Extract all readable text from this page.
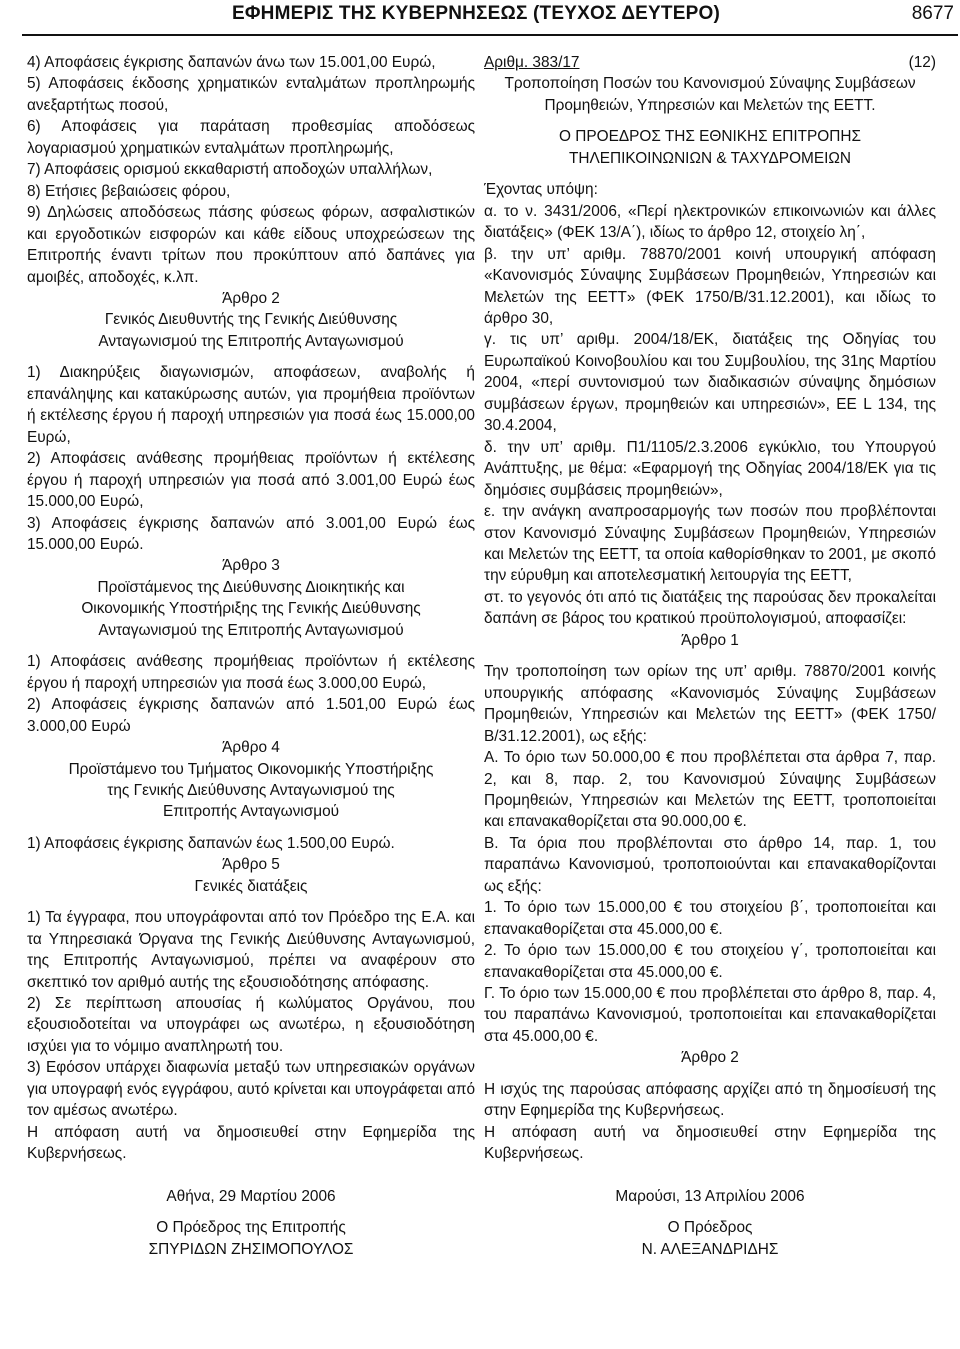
ΕΦΗΜΕΡΙΣ ΤΗΣ ΚΥΒΕΡΝΗΣΕΩΣ (ΤΕΥΧΟΣ ΔΕΥΤΕΡΟ)	8677

4) Αποφάσεις έγκρισης δαπανών άνω των 15.001,00 Ευρώ,

5) Αποφάσεις έκδοσης χρηματικών ενταλμάτων προπληρωμής ανεξαρτήτως ποσού,

6) Αποφάσεις για παράταση προθεσμίας αποδόσεως λογαριασμού χρηματικών ενταλμάτων προπληρωμής,

7) Αποφάσεις ορισμού εκκαθαριστή αποδοχών υπαλλήλων,

8) Ετήσιες βεβαιώσεις φόρου,

9) Δηλώσεις αποδόσεως πάσης φύσεως φόρων, ασφαλιστικών και εργοδοτικών εισφορών και κάθε είδους υποχρεώσεων της Επιτροπής έναντι τρίτων που προκύπτουν από δαπάνες για αμοιβές, αποδοχές, κ.λπ.

Άρθρο 2

Γενικός Διευθυντής της Γενικής Διεύθυνσης

Ανταγωνισμού της Επιτροπής Ανταγωνισμού

1) Διακηρύξεις διαγωνισμών, αποφάσεων, αναβολής ή επανάληψης και κατακύρωσης αυτών, για προμήθεια προϊόντων ή εκτέλεσης έργου ή παροχή υπηρεσιών για ποσά έως 15.000,00 Ευρώ,

2) Αποφάσεις ανάθεσης προμήθειας προϊόντων ή εκτέλεσης έργου ή παροχή υπηρεσιών για ποσά από 3.001,00 Ευρώ έως 15.000,00 Ευρώ,

3) Αποφάσεις έγκρισης δαπανών από 3.001,00 Ευρώ έως 15.000,00 Ευρώ.

Άρθρο 3

Προϊστάμενος της Διεύθυνσης Διοικητικής και

Οικονομικής Υποστήριξης της Γενικής Διεύθυνσης

Ανταγωνισμού της Επιτροπής Ανταγωνισμού

1) Αποφάσεις ανάθεσης προμήθειας προϊόντων ή εκτέλεσης έργου ή παροχή υπηρεσιών για ποσά έως 3.000,00 Ευρώ,

2) Αποφάσεις έγκρισης δαπανών από 1.501,00 Ευρώ έως 3.000,00 Ευρώ

Άρθρο 4

Προϊστάμενο του Τμήματος Οικονομικής Υποστήριξης

της Γενικής Διεύθυνσης Ανταγωνισμού της

Επιτροπής Ανταγωνισμού

1) Αποφάσεις έγκρισης δαπανών έως 1.500,00 Ευρώ.

Άρθρο 5

Γενικές διατάξεις

1) Τα έγγραφα, που υπογράφονται από τον Πρόεδρο της Ε.Α. και τα Υπηρεσιακά Όργανα της Γενικής Διεύθυνσης Ανταγωνισμού, της Επιτροπής Ανταγωνισμού, πρέπει να αναφέρουν στο σκεπτικό τον αριθμό αυτής της εξουσιοδότησης απόφασης.

2) Σε περίπτωση απουσίας ή κωλύματος Οργάνου, που εξουσιοδοτείται να υπογράφει ως ανωτέρω, η εξουσιοδότηση ισχύει για το νόμιμο αναπληρωτή του.

3) Εφόσον υπάρχει διαφωνία μεταξύ των υπηρεσιακών οργάνων για υπογραφή ενός εγγράφου, αυτό κρίνεται και υπογράφεται από τον αμέσως ανωτέρω.

Η απόφαση αυτή να δημοσιευθεί στην Εφημερίδα της Κυβερνήσεως.

Αθήνα, 29 Μαρτίου 2006

Ο Πρόεδρος της Επιτροπής

ΣΠΥΡΙΔΩΝ ΖΗΣΙΜΟΠΟΥΛΟΣ

Αριθμ. 383/17	(12)

Τροποποίηση Ποσών του Κανονισμού Σύναψης Συμβάσεων Προμηθειών, Υπηρεσιών και Μελετών της ΕΕΤΤ.

Ο ΠΡΟΕΔΡΟΣ ΤΗΣ ΕΘΝΙΚΗΣ ΕΠΙΤΡΟΠΗΣ

ΤΗΛΕΠΙΚΟΙΝΩΝΙΩΝ & ΤΑΧΥΔΡΟΜΕΙΩΝ

Έχοντας υπόψη:

α. το ν. 3431/2006, «Περί ηλεκτρονικών επικοινωνιών και άλλες διατάξεις» (ΦΕΚ 13/Α΄), ιδίως το άρθρο 12, στοιχείο λη΄,

β. την υπ’ αριθμ. 78870/2001 κοινή υπουργική απόφαση «Κανονισμός Σύναψης Συμβάσεων Προμηθειών, Υπηρεσιών και Μελετών της ΕΕΤΤ» (ΦΕΚ 1750/Β/31.12.2001), και ιδίως το άρθρο 30,

γ. τις υπ’ αριθμ. 2004/18/ΕΚ, διατάξεις της Οδηγίας του Ευρωπαϊκού Κοινοβουλίου και του Συμβουλίου, της 31ης Μαρτίου 2004, «περί συντονισμού των διαδικασιών σύναψης δημόσιων συμβάσεων έργων, προμηθειών και υπηρεσιών», ΕΕ L 134, της 30.4.2004,

δ. την υπ’ αριθμ. Π1/1105/2.3.2006 εγκύκλιο, του Υπουργού Ανάπτυξης, με θέμα: «Εφαρμογή της Οδηγίας 2004/18/ΕΚ για τις δημόσιες συμβάσεις προμηθειών»,

ε. την ανάγκη αναπροσαρμογής των ποσών που προβλέπονται στον Κανονισμό Σύναψης Συμβάσεων Προμηθειών, Υπηρεσιών και Μελετών της ΕΕΤΤ, τα οποία καθορίσθηκαν το 2001, με σκοπό την εύρυθμη και αποτελεσματική λειτουργία της ΕΕΤΤ,

στ. το γεγονός ότι από τις διατάξεις της παρούσας δεν προκαλείται δαπάνη σε βάρος του κρατικού προϋπολογισμού, αποφασίζει:

Άρθρο 1

Την τροποποίηση των ορίων της υπ’ αριθμ. 78870/2001 κοινής υπουργικής απόφασης «Κανονισμός Σύναψης Συμβάσεων Προμηθειών, Υπηρεσιών και Μελετών της ΕΕΤΤ» (ΦΕΚ 1750/Β/31.12.2001), ως εξής:

Α. Το όριο των 50.000,00 € που προβλέπεται στα άρθρα 7, παρ. 2, και 8, παρ. 2, του Κανονισμού Σύναψης Συμβάσεων Προμηθειών, Υπηρεσιών και Μελετών της ΕΕΤΤ, τροποποιείται και επανακαθορίζεται στα 90.000,00 €.

Β. Τα όρια που προβλέπονται στο άρθρο 14, παρ. 1, του παραπάνω Κανονισμού, τροποποιούνται και επανακαθορίζονται ως εξής:

1. Το όριο των 15.000,00 € του στοιχείου β΄, τροποποιείται και επανακαθορίζεται στα 45.000,00 €.

2. Το όριο των 15.000,00 € του στοιχείου γ΄, τροποποιείται και επανακαθορίζεται στα 45.000,00 €.

Γ. Το όριο των 15.000,00 € που προβλέπεται στο άρθρο 8, παρ. 4, του παραπάνω Κανονισμού, τροποποιείται και επανακαθορίζεται στα 45.000,00 €.

Άρθρο 2

Η ισχύς της παρούσας απόφασης αρχίζει από τη δημοσίευσή της στην Εφημερίδα της Κυβερνήσεως.

Η απόφαση αυτή να δημοσιευθεί στην Εφημερίδα της Κυβερνήσεως.

Μαρούσι, 13 Απριλίου 2006

Ο Πρόεδρος

Ν. ΑΛΕΞΑΝΔΡΙΔΗΣ
